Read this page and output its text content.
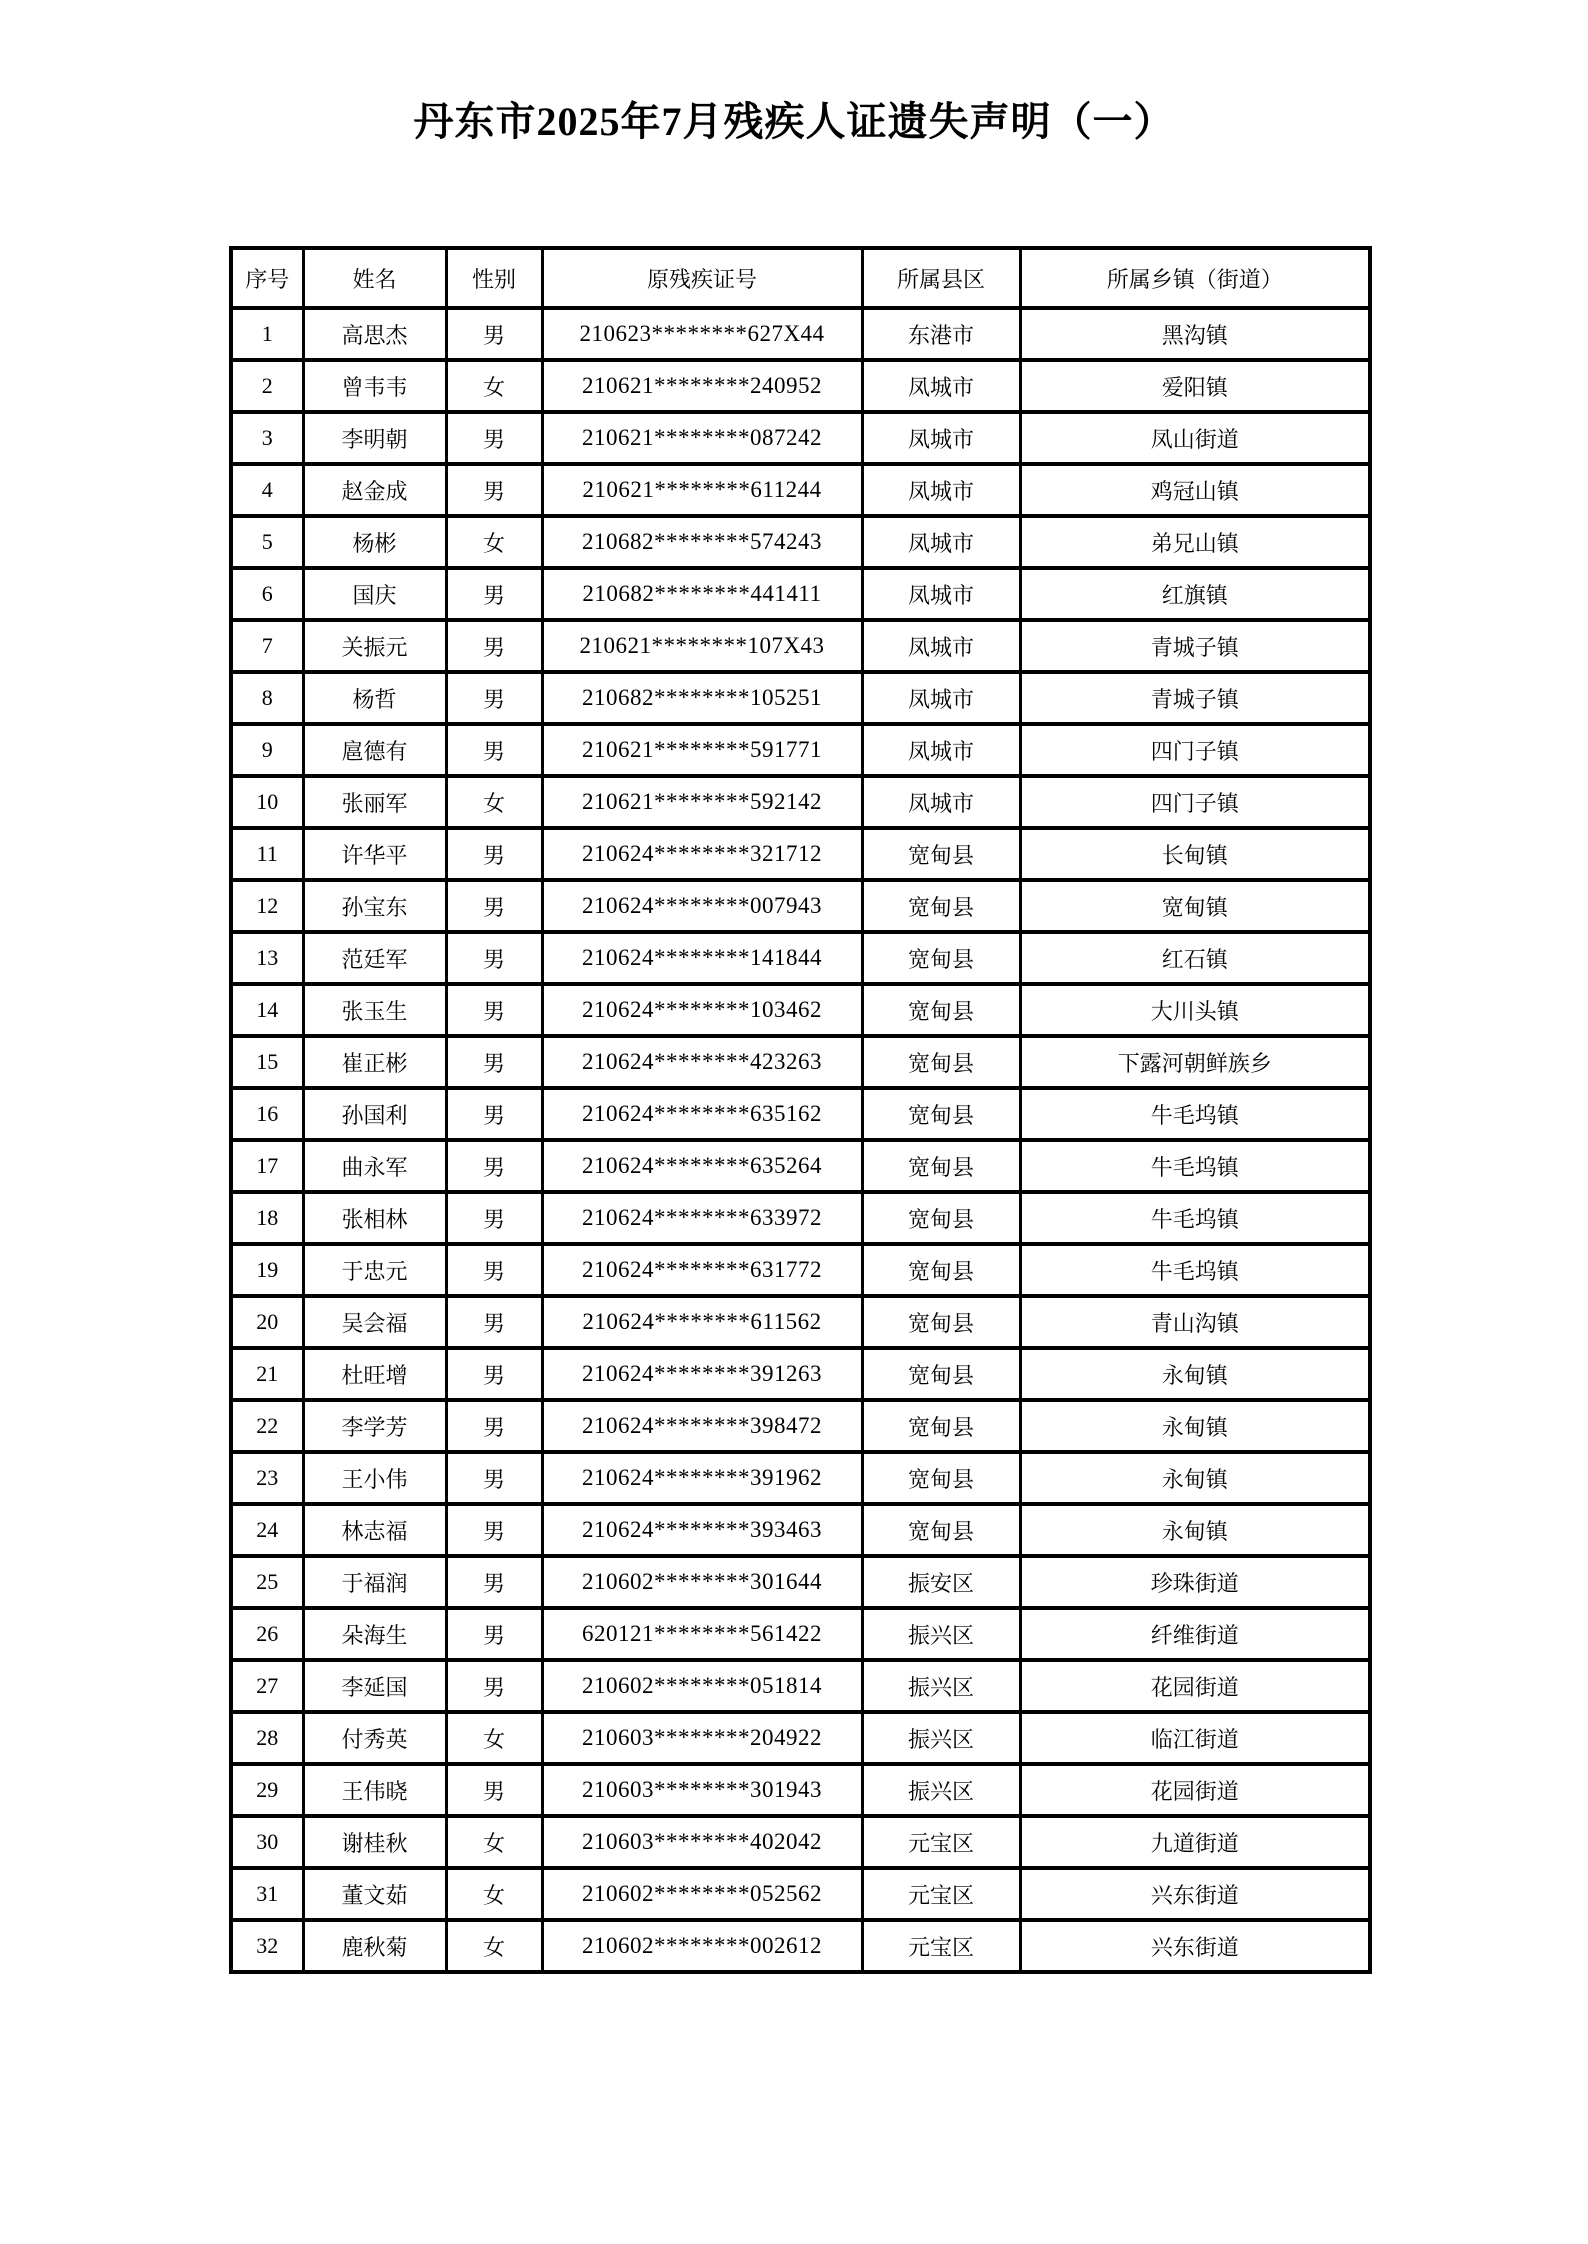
丹东市2025年7月残疾人证遗失声明（一）
序号	姓名	性别	原残疾证号	所属县区	所属乡镇（街道）
1	高思杰	男	210623********627X44	东港市	黑沟镇
2	曾韦韦	女	210621********240952	凤城市	爱阳镇
3	李明朝	男	210621********087242	凤城市	凤山街道
4	赵金成	男	210621********611244	凤城市	鸡冠山镇
5	杨彬	女	210682********574243	凤城市	弟兄山镇
6	国庆	男	210682********441411	凤城市	红旗镇
7	关振元	男	210621********107X43	凤城市	青城子镇
8	杨哲	男	210682********105251	凤城市	青城子镇
9	扈德有	男	210621********591771	凤城市	四门子镇
10	张丽军	女	210621********592142	凤城市	四门子镇
11	许华平	男	210624********321712	宽甸县	长甸镇
12	孙宝东	男	210624********007943	宽甸县	宽甸镇
13	范廷军	男	210624********141844	宽甸县	红石镇
14	张玉生	男	210624********103462	宽甸县	大川头镇
15	崔正彬	男	210624********423263	宽甸县	下露河朝鲜族乡
16	孙国利	男	210624********635162	宽甸县	牛毛坞镇
17	曲永军	男	210624********635264	宽甸县	牛毛坞镇
18	张相林	男	210624********633972	宽甸县	牛毛坞镇
19	于忠元	男	210624********631772	宽甸县	牛毛坞镇
20	吴会福	男	210624********611562	宽甸县	青山沟镇
21	杜旺增	男	210624********391263	宽甸县	永甸镇
22	李学芳	男	210624********398472	宽甸县	永甸镇
23	王小伟	男	210624********391962	宽甸县	永甸镇
24	林志福	男	210624********393463	宽甸县	永甸镇
25	于福润	男	210602********301644	振安区	珍珠街道
26	朵海生	男	620121********561422	振兴区	纤维街道
27	李延国	男	210602********051814	振兴区	花园街道
28	付秀英	女	210603********204922	振兴区	临江街道
29	王伟晓	男	210603********301943	振兴区	花园街道
30	谢桂秋	女	210603********402042	元宝区	九道街道
31	董文茹	女	210602********052562	元宝区	兴东街道
32	鹿秋菊	女	210602********002612	元宝区	兴东街道
